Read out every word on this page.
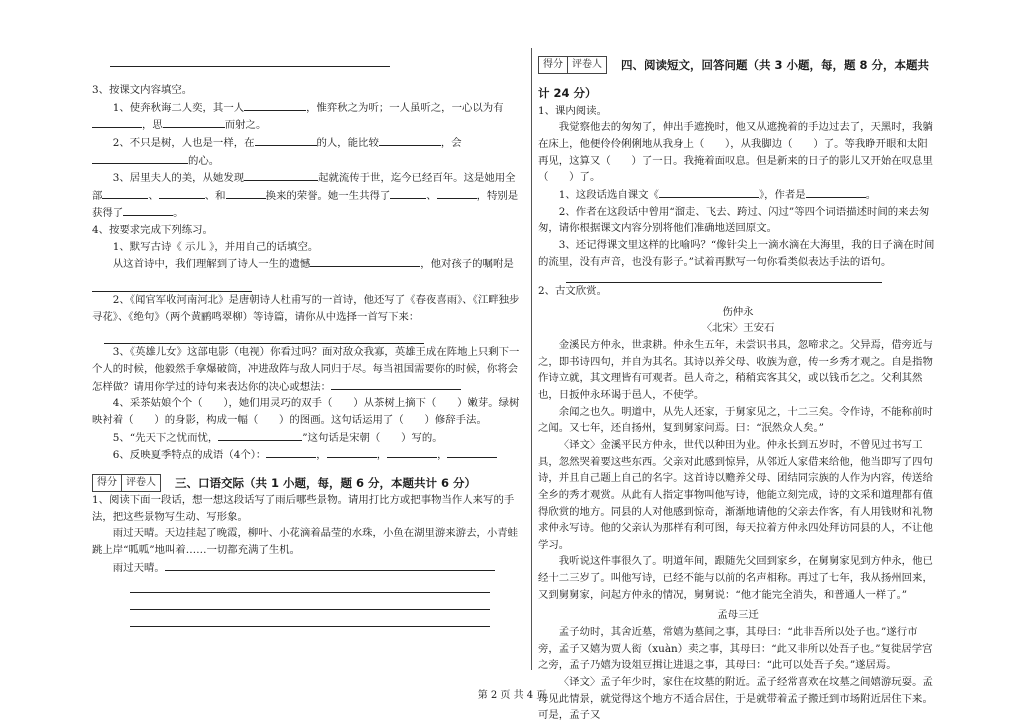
3、按课文内容填空。

1、使奔秋诲二人奕，其一人	，惟弈秋之为听；一人虽听之，一心以为有，思	而射之。

2、不只是树，人也是一样，在	的人，能比较	，会的心。

3、居里夫人的美，从她发现	起就流传于世，迄今已经百年。这是她用全部	、	、和	换来的荣誉。她一生共得了	、	，特别是获得了	。

4、按要求完成下列练习。

1、默写古诗《 示儿 》，并用自己的话填空。

从这首诗中，我们理解到了诗人一生的遗憾	，他对孩子的嘱咐是

2、《闻官军收河南河北》是唐朝诗人杜甫写的一首诗，他还写了《春夜喜雨》、《江畔独步寻花》、《绝句》（两个黄鹂鸣翠柳）等诗篇，请你从中选择一首写下来：

3、《英雄儿女》这部电影（电视）你看过吗？面对敌众我寡，英雄王成在阵地上只剩下一个人的时候，他毅然手拿爆破筒，冲进敌阵与敌人同归于尽。每当祖国需要你的时候，你将会怎样做？请用你学过的诗句来表达你的决心或想法：

4、采茶姑娘个个（　　），她们用灵巧的双手（　　）从茶树上摘下（　　）嫩芽。绿树映衬着（　　）的身影，构成一幅（　　）的图画。这句话运用了（　　）修辞手法。

5、“先天下之忧而忧，	”这句话是宋朝（　　）写的。

6、反映夏季特点的成语（4个）：	，	，	，

得分 评卷人	三、口语交际（共 1 小题，每，题 6 分，本题共计 6 分）

1、阅读下面一段话，想一想这段话写了雨后哪些景物。请用打比方或把事物当作人来写的手法，把这些景物写生动、写形象。

雨过天晴。天边挂起了晚霞，柳叶、小花滴着晶莹的水珠，小鱼在湖里游来游去，小青蛙跳上岸“呱呱”地叫着……一切都充满了生机。

雨过天晴。

得分 评卷人	四、阅读短文，回答问题（共 3 小题，每，题 8 分，本题共

计 24 分）

1、课内阅读。

我觉察他去的匆匆了，伸出手遮挽时，他又从遮挽着的手边过去了，天黑时，我躺在床上，他便伶伶俐俐地从我身上（　　），从我脚边（　　）了。等我睁开眼和太阳再见，这算又（　　）了一日。我掩着面叹息。但是新来的日子的影儿又开始在叹息里（　　）了。

1、这段话选自课文《	》，作者是	。

2、作者在这段话中曾用“溜走、飞去、跨过、闪过”等四个词语描述时间的来去匆匆，请你根据课文内容分别将他们准确地送回原文。

3、还记得课文里这样的比喻吗？“像针尖上一滴水滴在大海里，我的日子滴在时间的流里，没有声音，也没有影子。”试着再默写一句你看类似表达手法的语句。

2、古文欣赏。

伤仲永

〈北宋〉王安石

金溪民方仲永，世隶耕。仲永生五年，未尝识书具，忽啼求之。父异焉，借旁近与之，即书诗四句，并自为其名。其诗以养父母、收族为意，传一乡秀才观之。自是指物作诗立就，其文理皆有可观者。邑人奇之，稍稍宾客其父，或以钱币乞之。父利其然也，日扳仲永环谒于邑人，不使学。

余闻之也久。明道中，从先人还家，于舅家见之，十二三矣。令作诗，不能称前时之闻。又七年，还自扬州，复到舅家问焉。曰：“泯然众人矣。”

〈译文〉金溪平民方仲永，世代以种田为业。仲永长到五岁时，不曾见过书写工具，忽然哭着要这些东西。父亲对此感到惊异，从邻近人家借来给他，他当即写了四句诗，并且自己题上自己的名字。这首诗以赡养父母、团结同宗族的人作为内容，传送给全乡的秀才观赏。从此有人指定事物叫他写诗，他能立刻完成，诗的文采和道理都有值得欣赏的地方。同县的人对他感到惊奇，渐渐地请他的父亲去作客，有人用钱财和礼物求仲永写诗。他的父亲认为那样有利可图，每天拉着方仲永四处拜访同县的人，不让他学习。

我听说这件事很久了。明道年间，跟随先父回到家乡，在舅舅家见到方仲永，他已经十二三岁了。叫他写诗，已经不能与以前的名声相称。再过了七年，我从扬州回来，又到舅舅家，问起方仲永的情况，舅舅说：“他才能完全消失，和普通人一样了。”

孟母三迁

孟子幼时，其舍近墓，常嬉为墓间之事，其母曰：“此非吾所以处子也。”遂行市旁，孟子又嬉为贾人衒（xuàn）卖之事，其母曰：“此又非所以处吾子也。”复徙居学宫之旁，孟子乃嬉为设俎豆揖让进退之事，其母曰：“此可以处吾子矣。”遂居焉。

〈译文〉孟子年少时，家住在坟墓的附近。孟子经常喜欢在坟墓之间嬉游玩耍。孟母见此情景，就觉得这个地方不适合居住，于是就带着孟子搬迁到市场附近居住下来。可是，孟子又

第 2 页 共 4 页
